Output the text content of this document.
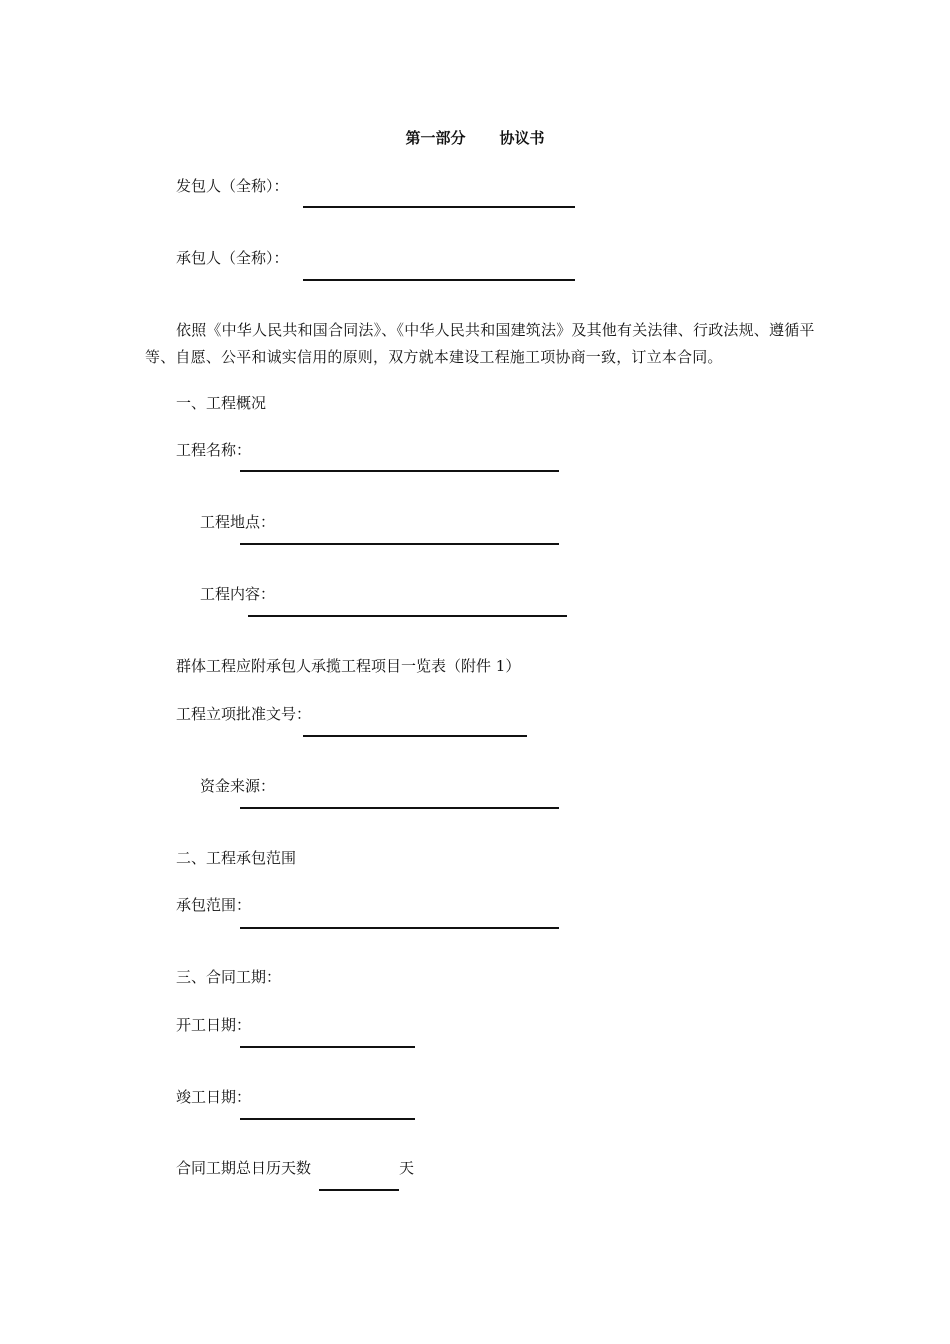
第一部分 协议书
发包人（全称）：
承包人（全称）：
依照《中华人民共和国合同法》、《中华人民共和国建筑法》及其他有关法律、行政法规、遵循平等、自愿、公平和诚实信用的原则，双方就本建设工程施工项协商一致，订立本合同。
一、工程概况
工程名称：
工程地点：
工程内容：
群体工程应附承包人承揽工程项目一览表（附件 1）
工程立项批准文号：
资金来源：
二、工程承包范围
承包范围：
三、合同工期：
开工日期：
竣工日期：
合同工期总日历天数	天
